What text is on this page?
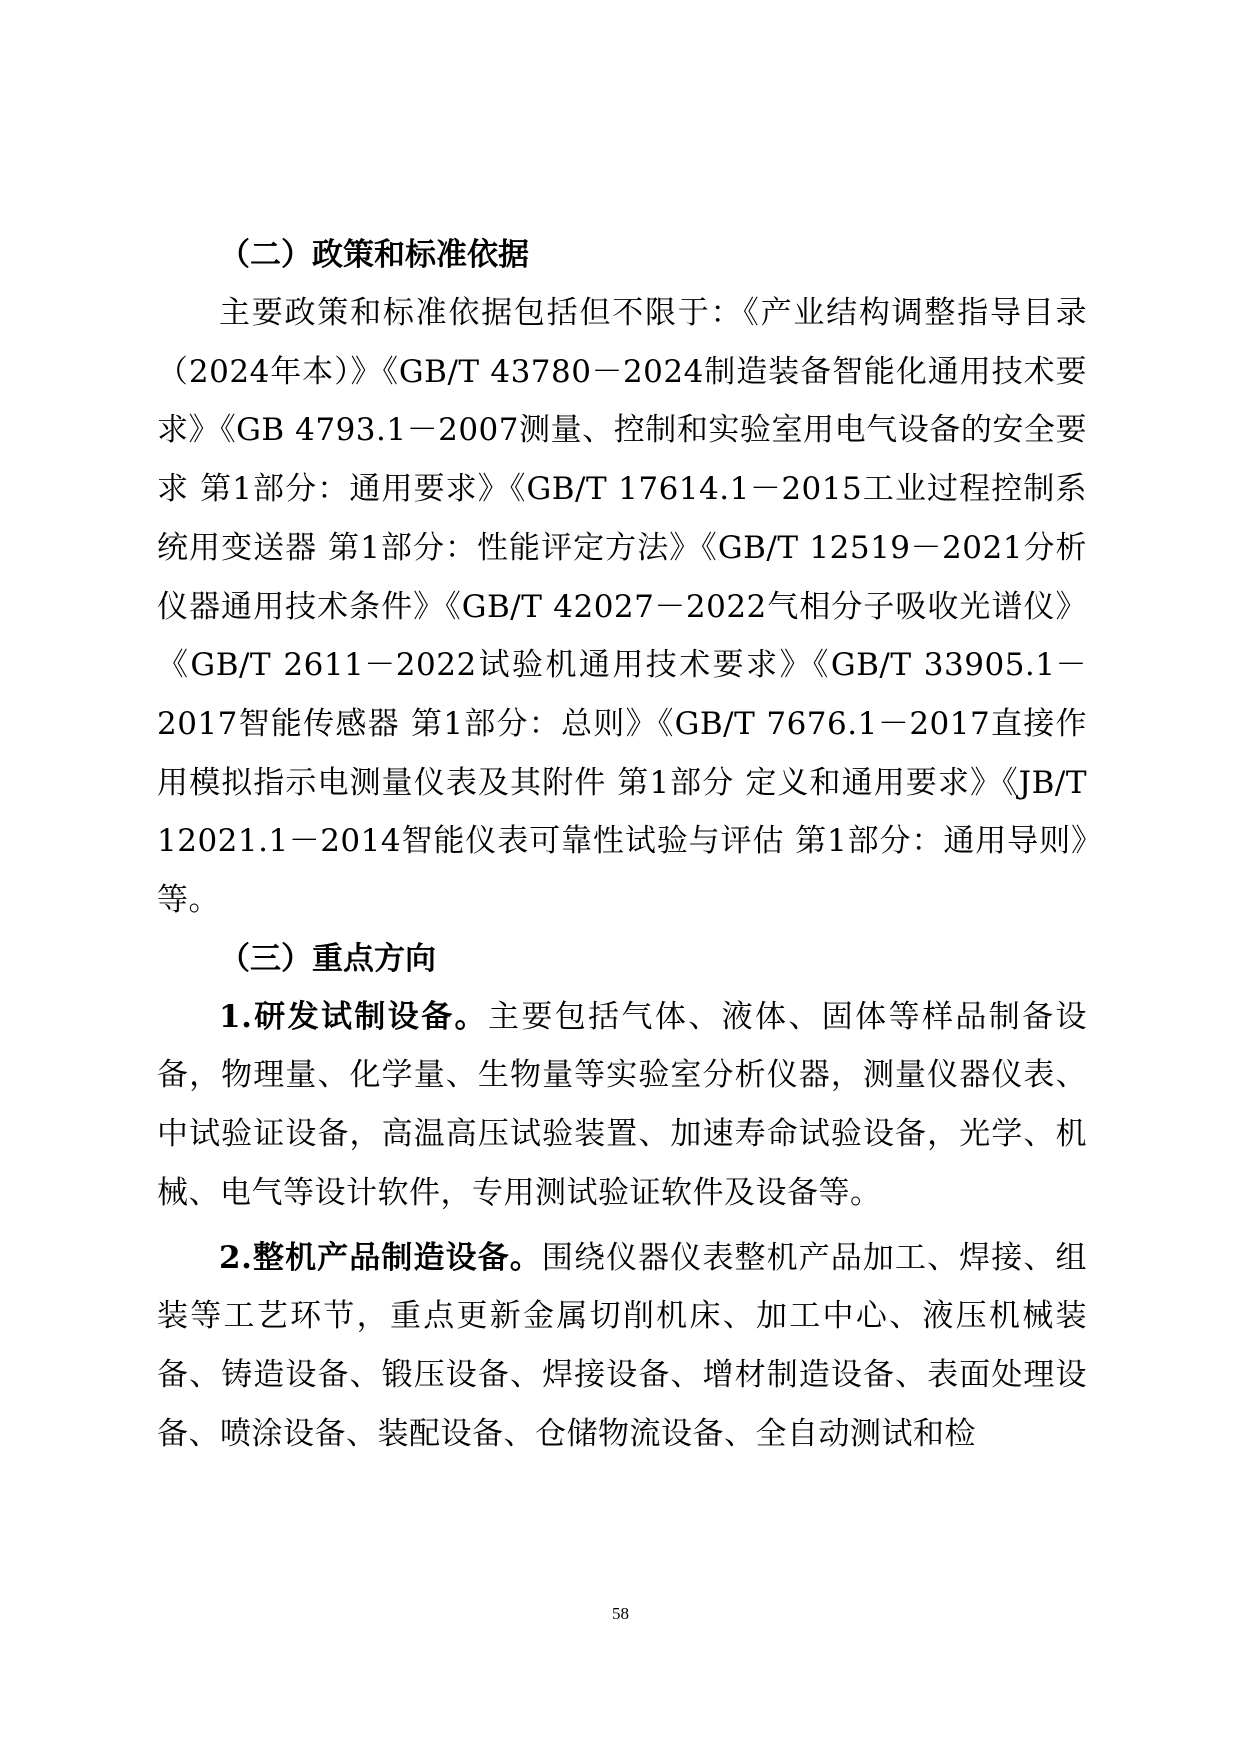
（二）政策和标准依据

主要政策和标准依据包括但不限于：《产业结构调整指导目录（2024年本）》《GB/T 43780－2024制造装备智能化通用技术要求》《GB 4793.1－2007测量、控制和实验室用电气设备的安全要求 第1部分：通用要求》《GB/T 17614.1－2015工业过程控制系统用变送器 第1部分：性能评定方法》《GB/T 12519－2021分析仪器通用技术条件》《GB/T 42027－2022气相分子吸收光谱仪》《GB/T 2611－2022试验机通用技术要求》《GB/T 33905.1－2017智能传感器 第1部分：总则》《GB/T 7676.1－2017直接作用模拟指示电测量仪表及其附件 第1部分 定义和通用要求》《JB/T 12021.1－2014智能仪表可靠性试验与评估 第1部分：通用导则》等。

（三）重点方向

1.研发试制设备。主要包括气体、液体、固体等样品制备设备，物理量、化学量、生物量等实验室分析仪器，测量仪器仪表、中试验证设备，高温高压试验装置、加速寿命试验设备，光学、机械、电气等设计软件，专用测试验证软件及设备等。

2.整机产品制造设备。围绕仪器仪表整机产品加工、焊接、组装等工艺环节，重点更新金属切削机床、加工中心、液压机械装备、铸造设备、锻压设备、焊接设备、增材制造设备、表面处理设备、喷涂设备、装配设备、仓储物流设备、全自动测试和检

58
